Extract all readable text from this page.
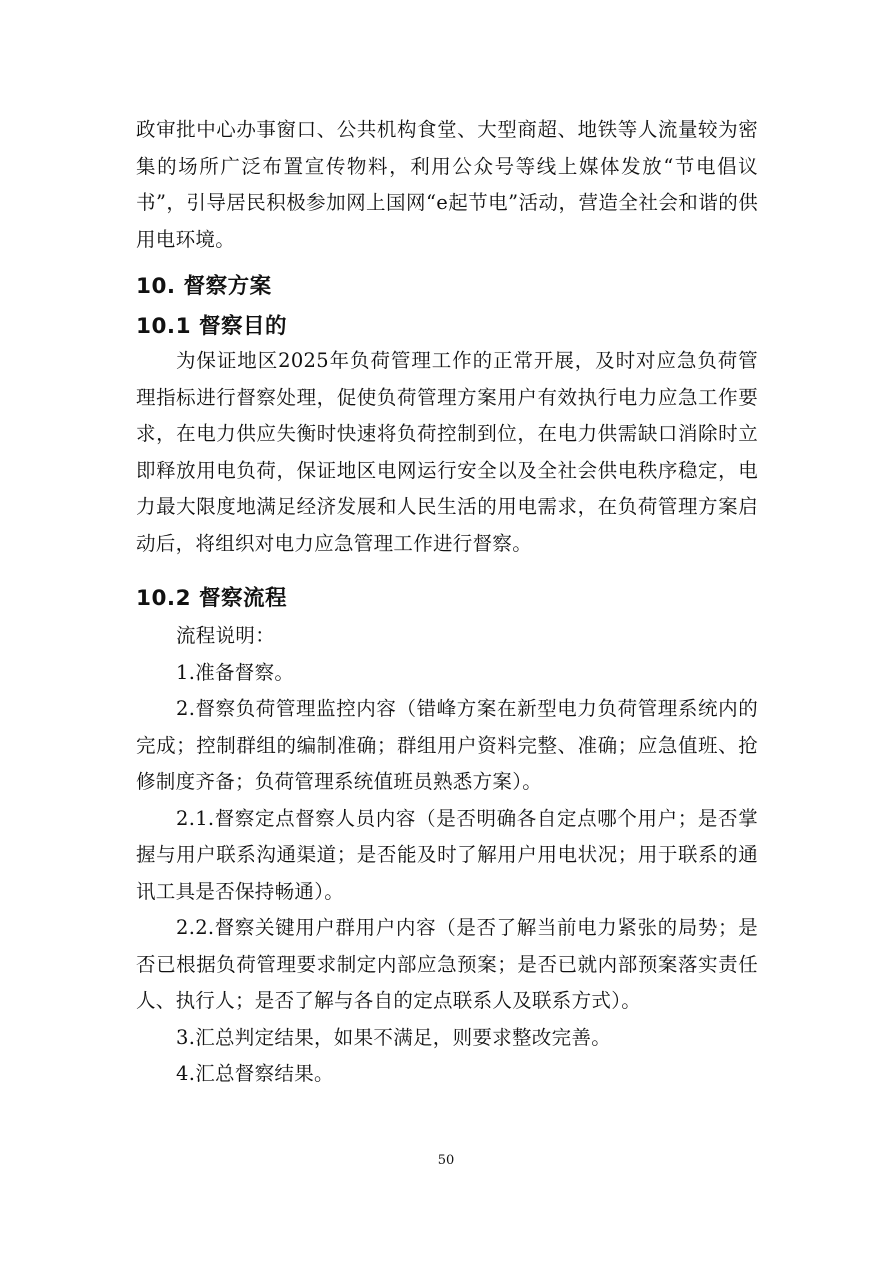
政审批中心办事窗口、公共机构食堂、大型商超、地铁等人流量较为密集的场所广泛布置宣传物料，利用公众号等线上媒体发放“节电倡议书”，引导居民积极参加网上国网“e起节电”活动，营造全社会和谐的供用电环境。

10. 督察方案
10.1 督察目的

为保证地区2025年负荷管理工作的正常开展，及时对应急负荷管理指标进行督察处理，促使负荷管理方案用户有效执行电力应急工作要求，在电力供应失衡时快速将负荷控制到位，在电力供需缺口消除时立即释放用电负荷，保证地区电网运行安全以及全社会供电秩序稳定，电力最大限度地满足经济发展和人民生活的用电需求，在负荷管理方案启动后，将组织对电力应急管理工作进行督察。

10.2 督察流程

流程说明：

1.准备督察。

2.督察负荷管理监控内容（错峰方案在新型电力负荷管理系统内的完成；控制群组的编制准确；群组用户资料完整、准确；应急值班、抢修制度齐备；负荷管理系统值班员熟悉方案）。

2.1.督察定点督察人员内容（是否明确各自定点哪个用户；是否掌握与用户联系沟通渠道；是否能及时了解用户用电状况；用于联系的通讯工具是否保持畅通）。

2.2.督察关键用户群用户内容（是否了解当前电力紧张的局势；是否已根据负荷管理要求制定内部应急预案；是否已就内部预案落实责任人、执行人；是否了解与各自的定点联系人及联系方式）。

3.汇总判定结果，如果不满足，则要求整改完善。

4.汇总督察结果。

50
